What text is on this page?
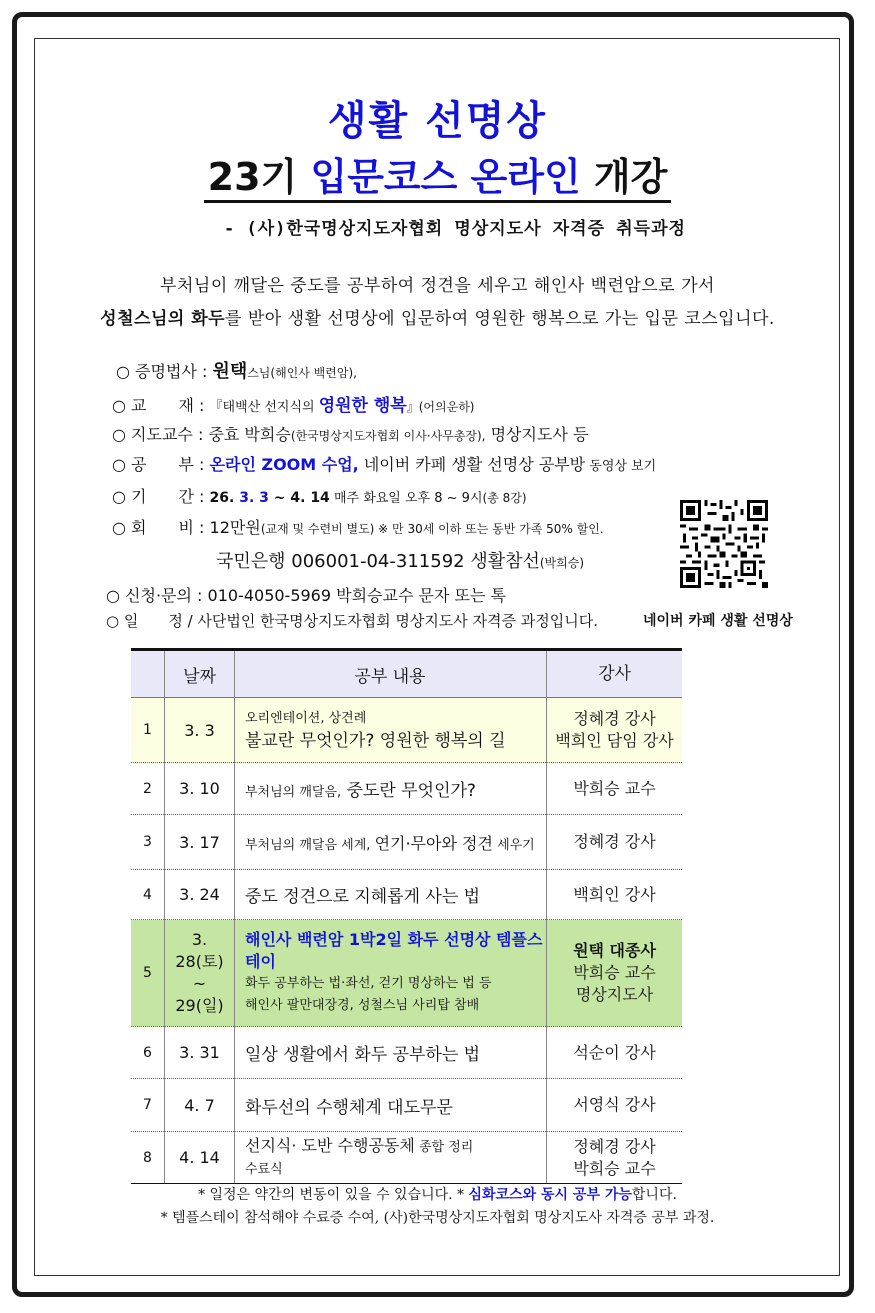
생활 선명상
23기 입문코스 온라인 개강
- (사)한국명상지도자협회 명상지도사 자격증 취득과정
부처님이 깨달은 중도를 공부하여 정견을 세우고 해인사 백련암으로 가서
성철스님의 화두를 받아 생활 선명상에 입문하여 영원한 행복으로 가는 입문 코스입니다.
○ 증명법사 : 원택스님(해인사 백련암),
○ 교　　재 : 『태백산 선지식의 영원한 행복』(어의운하)
○ 지도교수 : 중효 박희승(한국명상지도자협회 이사·사무총장), 명상지도사 등
○ 공　　부 : 온라인 ZOOM 수업, 네이버 카페 생활 선명상 공부방 동영상 보기
○ 기　　간 : 26. 3. 3 ~ 4. 14 매주 화요일 오후 8 ~ 9시(총 8강)
○ 회　　비 : 12만원(교재 및 수련비 별도) ※ 만 30세 이하 또는 동반 가족 50% 할인.
국민은행 006001-04-311592 생활참선(박희승)
○ 신청·문의 : 010-4050-5969 박희승교수 문자 또는 톡
○ 일　　정 / 사단법인 한국명상지도자협회 명상지도사 자격증 과정입니다.	네이버 카페 생활 선명상
	날짜	공부 내용	강사
1	3. 3	오리엔테이션, 상견례
불교란 무엇인가? 영원한 행복의 길	정혜경 강사
백희인 담임 강사

2	3. 10	부처님의 깨달음, 중도란 무엇인가?	박희승 교수
3	3. 17	부처님의 깨달음 세계, 연기·무아와 정견 세우기	정혜경 강사
4	3. 24	중도 정견으로 지혜롭게 사는 법	백희인 강사
5	3. 28(토)
~
29(일)	해인사 백련암 1박2일 화두 선명상 템플스테이
화두 공부하는 법·좌선, 걷기 명상하는 법 등
해인사 팔만대장경, 성철스님 사리탑 참배	원택 대종사
박희승 교수
명상지도사

6	3. 31	일상 생활에서 화두 공부하는 법	석순이 강사
7	4. 7	화두선의 수행체계 대도무문	서영식 강사
8	4. 14	선지식· 도반 수행공동체 종합 정리
수료식	정혜경 강사
박희승 교수
* 일정은 약간의 변동이 있을 수 있습니다. * 심화코스와 동시 공부 가능합니다.
* 템플스테이 참석해야 수료증 수여, (사)한국명상지도자협회 명상지도사 자격증 공부 과정.
